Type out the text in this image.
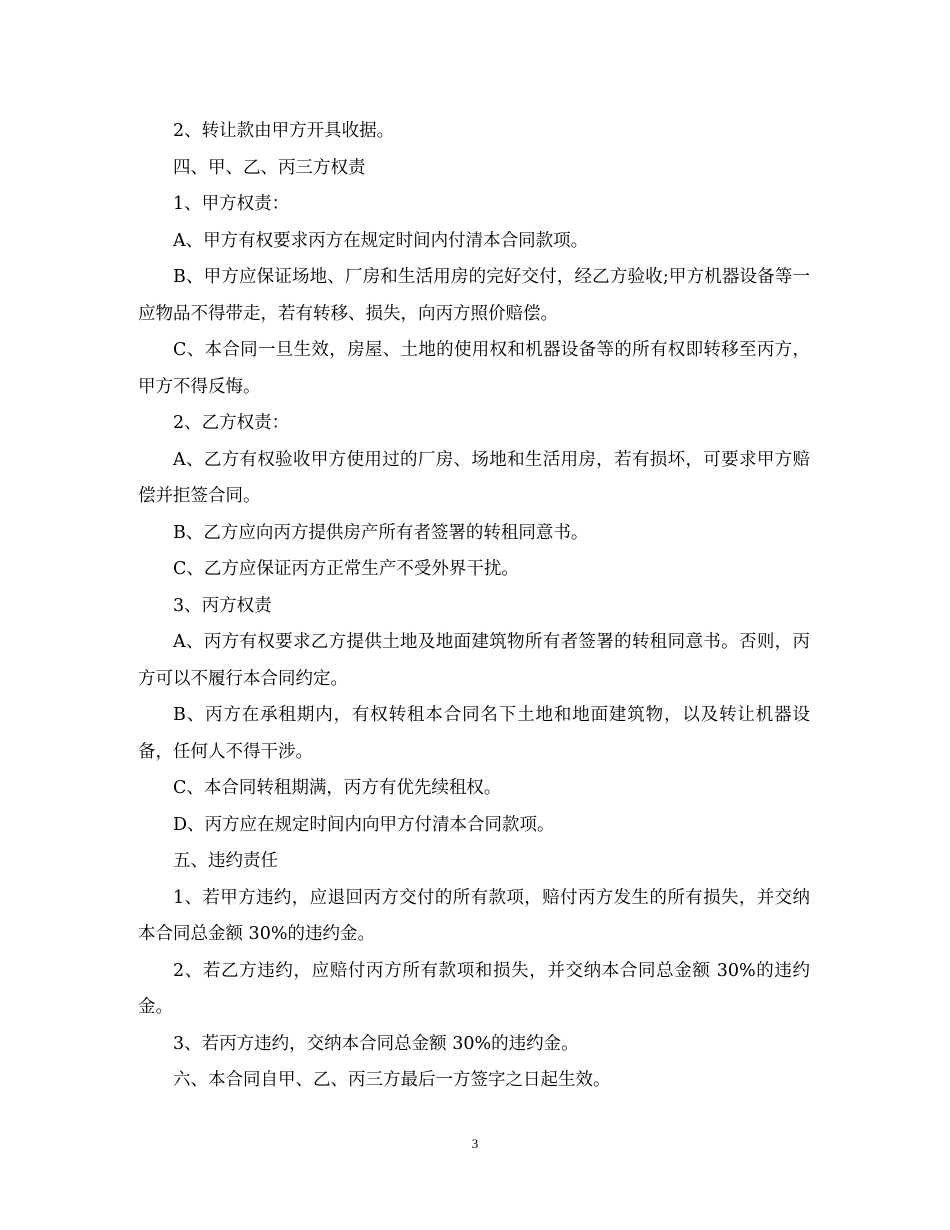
2、转让款由甲方开具收据。

四、甲、乙、丙三方权责

1、甲方权责：

A、甲方有权要求丙方在规定时间内付清本合同款项。

B、甲方应保证场地、厂房和生活用房的完好交付，经乙方验收;甲方机器设备等一应物品不得带走，若有转移、损失，向丙方照价赔偿。

C、本合同一旦生效，房屋、土地的使用权和机器设备等的所有权即转移至丙方，甲方不得反悔。

2、乙方权责：

A、乙方有权验收甲方使用过的厂房、场地和生活用房，若有损坏，可要求甲方赔偿并拒签合同。

B、乙方应向丙方提供房产所有者签署的转租同意书。

C、乙方应保证丙方正常生产不受外界干扰。

3、丙方权责

A、丙方有权要求乙方提供土地及地面建筑物所有者签署的转租同意书。否则，丙方可以不履行本合同约定。

B、丙方在承租期内，有权转租本合同名下土地和地面建筑物，以及转让机器设备，任何人不得干涉。

C、本合同转租期满，丙方有优先续租权。

D、丙方应在规定时间内向甲方付清本合同款项。

五、违约责任

1、若甲方违约，应退回丙方交付的所有款项，赔付丙方发生的所有损失，并交纳本合同总金额 30%的违约金。

2、若乙方违约，应赔付丙方所有款项和损失，并交纳本合同总金额 30%的违约金。

3、若丙方违约，交纳本合同总金额 30%的违约金。

六、本合同自甲、乙、丙三方最后一方签字之日起生效。

3
